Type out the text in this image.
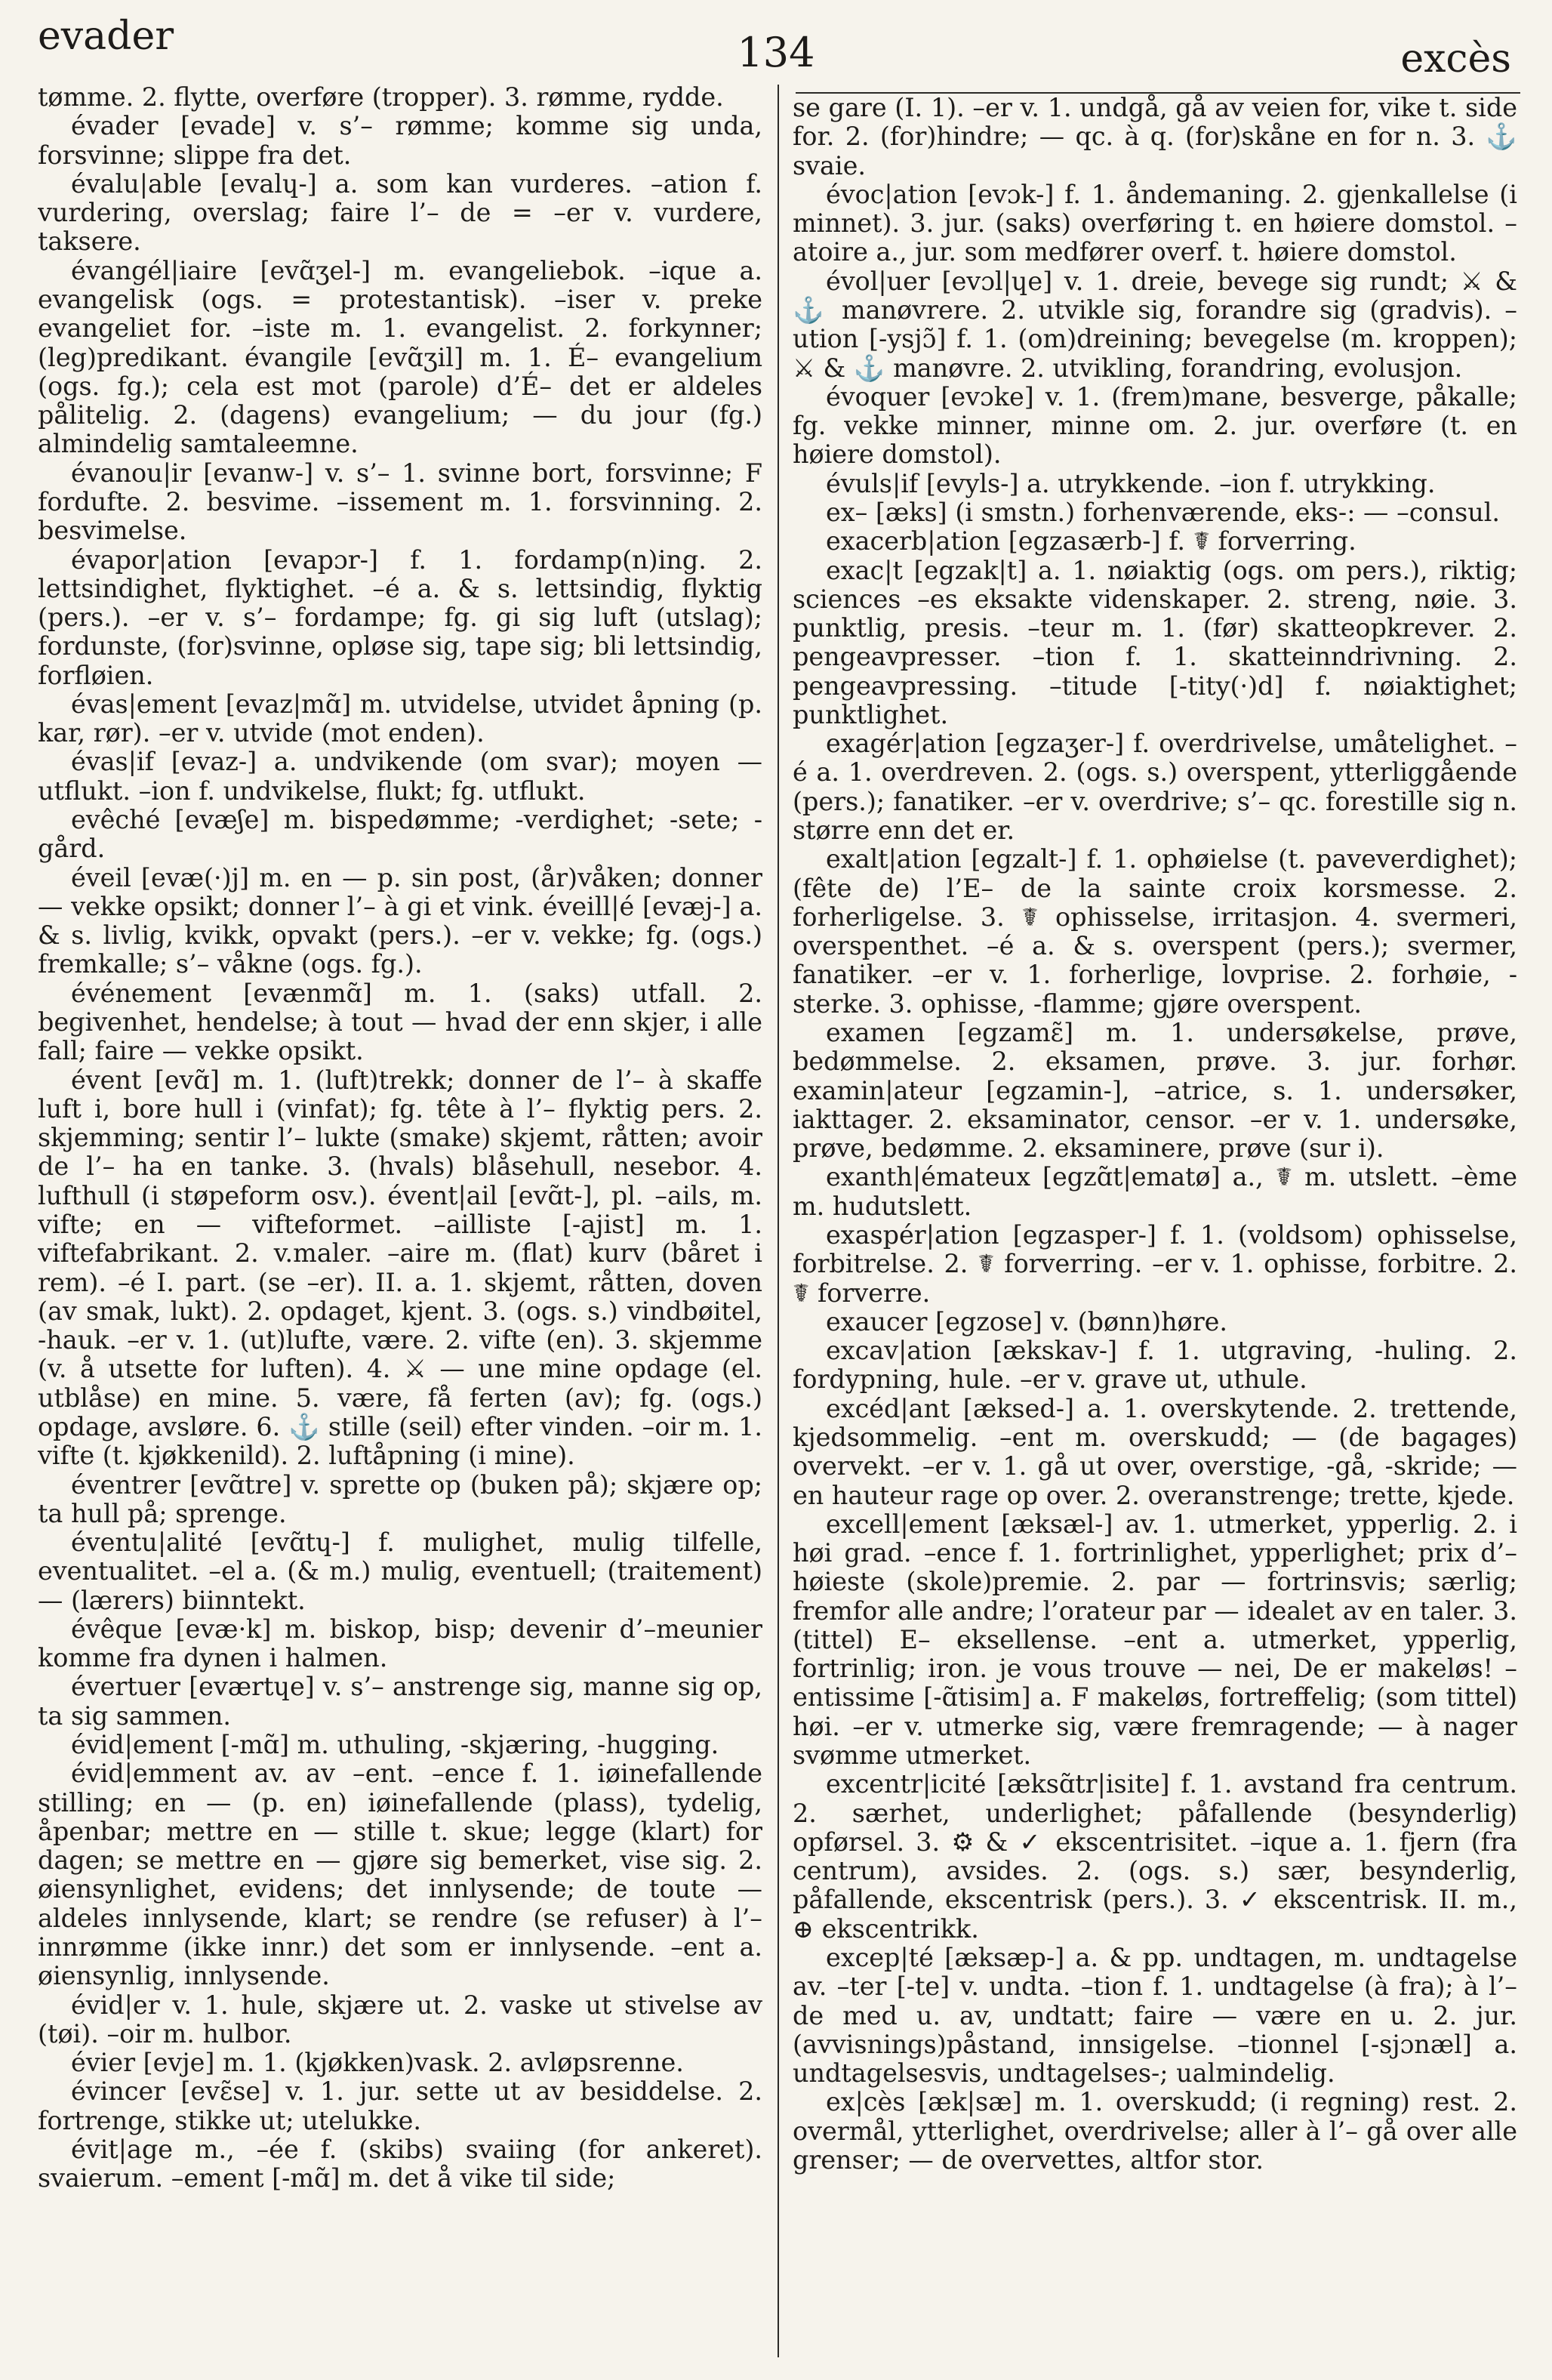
evader	134	excès

tømme. 2. flytte, overføre (tropper). 3. rømme, rydde.

évader [evade] v. s’– rømme; komme sig unda, forsvinne; slippe fra det.

évalu|able [evalɥ-] a. som kan vurderes. –ation f. vurdering, overslag; faire l’– de = –er v. vurdere, taksere.

évangél|iaire [evɑ̃ʒel-] m. evangeliebok. –ique a. evangelisk (ogs. = protestantisk). –iser v. preke evangeliet for. –iste m. 1. evangelist. 2. forkynner; (leg)predikant. évangile [evɑ̃ʒil] m. 1. É– evangelium (ogs. fg.); cela est mot (parole) d’É– det er aldeles pålitelig. 2. (dagens) evangelium; — du jour (fg.) almindelig samtaleemne.

évanou|ir [evanw-] v. s’– 1. svinne bort, forsvinne; F fordufte. 2. besvime. –issement m. 1. forsvinning. 2. besvimelse.

évapor|ation [evapɔr-] f. 1. fordamp(n)ing. 2. lettsindighet, flyktighet. –é a. & s. lettsindig, flyktig (pers.). –er v. s’– fordampe; fg. gi sig luft (utslag); fordunste, (for)svinne, opløse sig, tape sig; bli lettsindig, forfløien.

évas|ement [evaz|mɑ̃] m. utvidelse, utvidet åpning (p. kar, rør). –er v. utvide (mot enden).

évas|if [evaz-] a. undvikende (om svar); moyen — utflukt. –ion f. undvikelse, flukt; fg. utflukt.

evêché [evæʃe] m. bispedømme; -verdighet; -sete; -gård.

éveil [evæ(·)j] m. en — p. sin post, (år)våken; donner — vekke opsikt; donner l’– à gi et vink. éveill|é [evæj-] a. & s. livlig, kvikk, opvakt (pers.). –er v. vekke; fg. (ogs.) fremkalle; s’– våkne (ogs. fg.).

événement [evænmɑ̃] m. 1. (saks) utfall. 2. begivenhet, hendelse; à tout — hvad der enn skjer, i alle fall; faire — vekke opsikt.

évent [evɑ̃] m. 1. (luft)trekk; donner de l’– à skaffe luft i, bore hull i (vinfat); fg. tête à l’– flyktig pers. 2. skjemming; sentir l’– lukte (smake) skjemt, råtten; avoir de l’– ha en tanke. 3. (hvals) blåsehull, nesebor. 4. lufthull (i støpeform osv.). évent|ail [evɑ̃t-], pl. –ails, m. vifte; en — vifteformet. –ailliste [-ajist] m. 1. viftefabrikant. 2. v.maler. –aire m. (flat) kurv (båret i rem). –é I. part. (se –er). II. a. 1. skjemt, råtten, doven (av smak, lukt). 2. opdaget, kjent. 3. (ogs. s.) vindbøitel, -hauk. –er v. 1. (ut)lufte, være. 2. vifte (en). 3. skjemme (v. å utsette for luften). 4. ⚔ — une mine opdage (el. utblåse) en mine. 5. være, få ferten (av); fg. (ogs.) opdage, avsløre. 6. ⚓ stille (seil) efter vinden. –oir m. 1. vifte (t. kjøkkenild). 2. luftåpning (i mine).

éventrer [evɑ̃tre] v. sprette op (buken på); skjære op; ta hull på; sprenge.

éventu|alité [evɑ̃tɥ-] f. mulighet, mulig tilfelle, eventualitet. –el a. (& m.) mulig, eventuell; (traitement) — (lærers) biinntekt.

évêque [evæ·k] m. biskop, bisp; devenir d’–meunier komme fra dynen i halmen.

évertuer [eværtɥe] v. s’– anstrenge sig, manne sig op, ta sig sammen.

évid|ement [-mɑ̃] m. uthuling, -skjæring, -hugging.

évid|emment av. av –ent. –ence f. 1. iøinefallende stilling; en — (p. en) iøinefallende (plass), tydelig, åpenbar; mettre en — stille t. skue; legge (klart) for dagen; se mettre en — gjøre sig bemerket, vise sig. 2. øiensynlighet, evidens; det innlysende; de toute — aldeles innlysende, klart; se rendre (se refuser) à l’–innrømme (ikke innr.) det som er innlysende. –ent a. øiensynlig, innlysende.

évid|er v. 1. hule, skjære ut. 2. vaske ut stivelse av (tøi). –oir m. hulbor.

évier [evje] m. 1. (kjøkken)vask. 2. avløpsrenne.

évincer [evɛ̃se] v. 1. jur. sette ut av besiddelse. 2. fortrenge, stikke ut; utelukke.

évit|age m., –ée f. (skibs) svaiing (for ankeret). svaierum. –ement [-mɑ̃] m. det å vike til side;

se gare (I. 1). –er v. 1. undgå, gå av veien for, vike t. side for. 2. (for)hindre; — qc. à q. (for)skåne en for n. 3. ⚓ svaie.

évoc|ation [evɔk-] f. 1. åndemaning. 2. gjenkallelse (i minnet). 3. jur. (saks) overføring t. en høiere domstol. –atoire a., jur. som medfører overf. t. høiere domstol.

évol|uer [evɔl|ɥe] v. 1. dreie, bevege sig rundt; ⚔ & ⚓ manøvrere. 2. utvikle sig, forandre sig (gradvis). –ution [-ysjɔ̃] f. 1. (om)dreining; bevegelse (m. kroppen); ⚔ & ⚓ manøvre. 2. utvikling, forandring, evolusjon.

évoquer [evɔke] v. 1. (frem)mane, besverge, påkalle; fg. vekke minner, minne om. 2. jur. overføre (t. en høiere domstol).

évuls|if [evyls-] a. utrykkende. –ion f. utrykking.

ex– [æks] (i smstn.) forhenværende, eks-: — –consul.

exacerb|ation [egzasærb-] f. ☤ forverring.

exac|t [egzak|t] a. 1. nøiaktig (ogs. om pers.), riktig; sciences –es eksakte videnskaper. 2. streng, nøie. 3. punktlig, presis. –teur m. 1. (før) skatteopkrever. 2. pengeavpresser. –tion f. 1. skatteinndrivning. 2. pengeavpressing. –titude [-tity(·)d] f. nøiaktighet; punktlighet.

exagér|ation [egzaʒer-] f. overdrivelse, umåtelighet. –é a. 1. overdreven. 2. (ogs. s.) overspent, ytterliggående (pers.); fanatiker. –er v. overdrive; s’– qc. forestille sig n. større enn det er.

exalt|ation [egzalt-] f. 1. ophøielse (t. paveverdighet); (fête de) l’E– de la sainte croix korsmesse. 2. forherligelse. 3. ☤ ophisselse, irritasjon. 4. svermeri, overspenthet. –é a. & s. overspent (pers.); svermer, fanatiker. –er v. 1. forherlige, lovprise. 2. forhøie, -sterke. 3. ophisse, -flamme; gjøre overspent.

examen [egzamɛ̃] m. 1. undersøkelse, prøve, bedømmelse. 2. eksamen, prøve. 3. jur. forhør. examin|ateur [egzamin-], –atrice, s. 1. undersøker, iakttager. 2. eksaminator, censor. –er v. 1. undersøke, prøve, bedømme. 2. eksaminere, prøve (sur i).

exanth|émateux [egzɑ̃t|ematø] a., ☤ m. utslett. –ème m. hudutslett.

exaspér|ation [egzasper-] f. 1. (voldsom) ophisselse, forbitrelse. 2. ☤ forverring. –er v. 1. ophisse, forbitre. 2. ☤ forverre.

exaucer [egzose] v. (bønn)høre.

excav|ation [ækskav-] f. 1. utgraving, -huling. 2. fordypning, hule. –er v. grave ut, uthule.

excéd|ant [æksed-] a. 1. overskytende. 2. trettende, kjedsommelig. –ent m. overskudd; — (de bagages) overvekt. –er v. 1. gå ut over, overstige, -gå, -skride; — en hauteur rage op over. 2. overanstrenge; trette, kjede.

excell|ement [æksæl-] av. 1. utmerket, ypperlig. 2. i høi grad. –ence f. 1. fortrinlighet, ypperlighet; prix d’– høieste (skole)premie. 2. par — fortrinsvis; særlig; fremfor alle andre; l’orateur par — idealet av en taler. 3. (tittel) E– eksellense. –ent a. utmerket, ypperlig, fortrinlig; iron. je vous trouve — nei, De er makeløs! –entissime [-ɑ̃tisim] a. F makeløs, fortreffelig; (som tittel) høi. –er v. utmerke sig, være fremragende; — à nager svømme utmerket.

excentr|icité [æksɑ̃tr|isite] f. 1. avstand fra centrum. 2. særhet, underlighet; påfallende (besynderlig) opførsel. 3. ⚙ & ✓ ekscentrisitet. –ique a. 1. fjern (fra centrum), avsides. 2. (ogs. s.) sær, besynderlig, påfallende, ekscentrisk (pers.). 3. ✓ ekscentrisk. II. m., ⊕ ekscentrikk.

excep|té [æksæp-] a. & pp. undtagen, m. undtagelse av. –ter [-te] v. undta. –tion f. 1. undtagelse (à fra); à l’– de med u. av, undtatt; faire — være en u. 2. jur. (avvisnings)påstand, innsigelse. –tionnel [-sjɔnæl] a. undtagelsesvis, undtagelses-; ualmindelig.

ex|cès [æk|sæ] m. 1. overskudd; (i regning) rest. 2. overmål, ytterlighet, overdrivelse; aller à l’– gå over alle grenser; — de overvettes, altfor stor.
